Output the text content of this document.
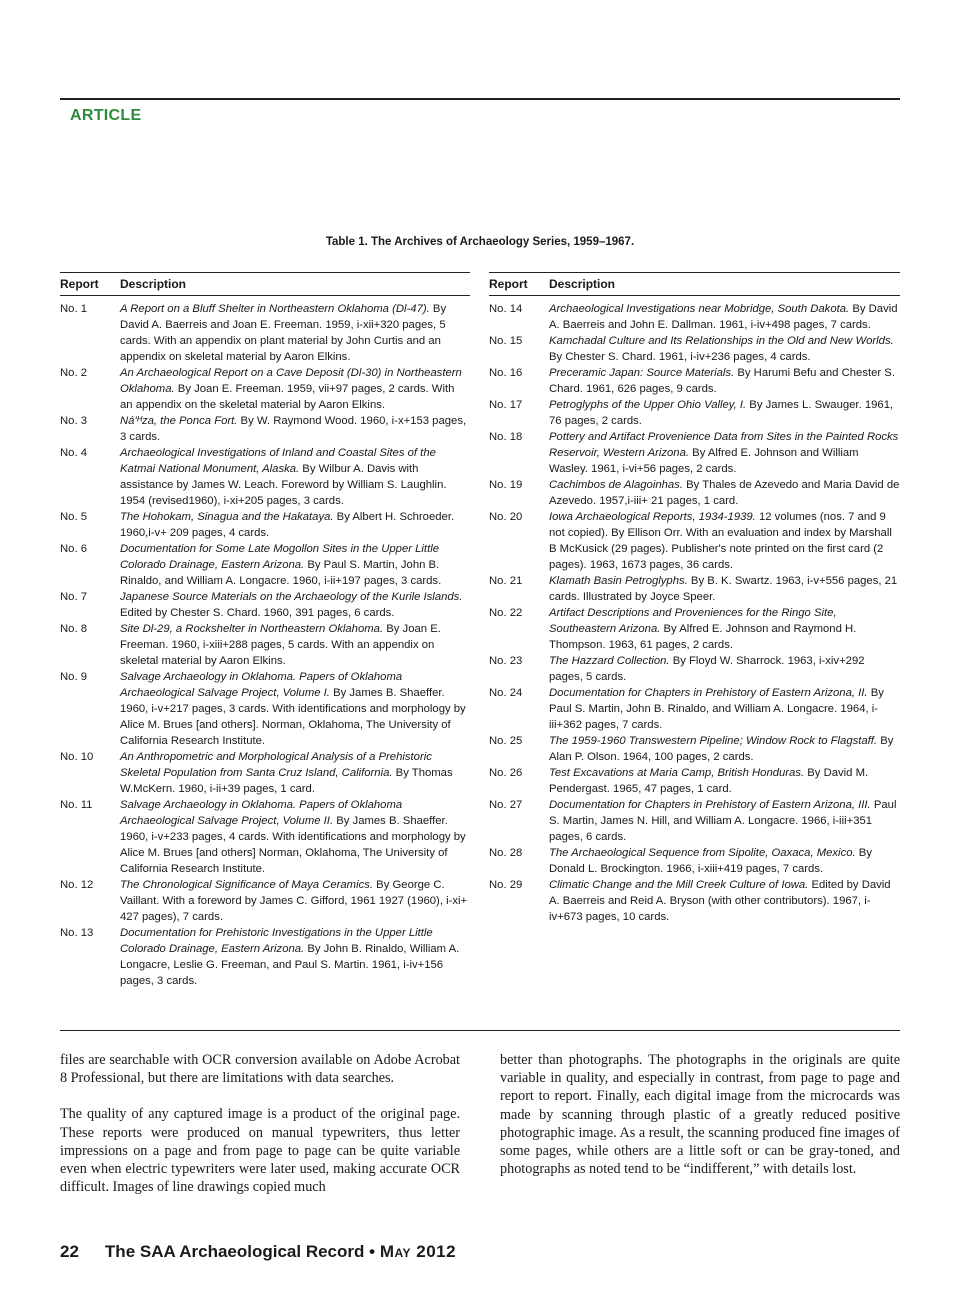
ARTICLE
Table 1. The Archives of Archaeology Series, 1959–1967.
Report	Description
No. 1	A Report on a Bluff Shelter in Northeastern Oklahoma (Dl-47). By David A. Baerreis and Joan E. Freeman. 1959, i-xii+320 pages, 5 cards. With an appendix on plant material by John Curtis and an appendix on skeletal material by Aaron Elkins.
No. 2	An Archaeological Report on a Cave Deposit (Dl-30) in Northeastern Oklahoma. By Joan E. Freeman. 1959, vii+97 pages, 2 cards. With an appendix on the skeletal material by Aaron Elkins.
No. 3	Ná'ᴴza, the Ponca Fort. By W. Raymond Wood. 1960, i-x+153 pages, 3 cards.
No. 4	Archaeological Investigations of Inland and Coastal Sites of the Katmai National Monument, Alaska. By Wilbur A. Davis with assistance by James W. Leach. Foreword by William S. Laughlin. 1954 (revised1960), i-xi+205 pages, 3 cards.
No. 5	The Hohokam, Sinagua and the Hakataya. By Albert H. Schroeder. 1960,i-v+ 209 pages, 4 cards.
No. 6	Documentation for Some Late Mogollon Sites in the Upper Little Colorado Drainage, Eastern Arizona. By Paul S. Martin, John B. Rinaldo, and William A. Longacre. 1960, i-ii+197 pages, 3 cards.
No. 7	Japanese Source Materials on the Archaeology of the Kurile Islands. Edited by Chester S. Chard. 1960, 391 pages, 6 cards.
No. 8	Site Dl-29, a Rockshelter in Northeastern Oklahoma. By Joan E. Freeman. 1960, i-xiii+288 pages, 5 cards. With an appendix on skeletal material by Aaron Elkins.
No. 9	Salvage Archaeology in Oklahoma. Papers of Oklahoma Archaeological Salvage Project, Volume I. By James B. Shaeffer. 1960, i-v+217 pages, 3 cards. With identifications and morphology by Alice M. Brues [and others]. Norman, Oklahoma, The University of California Research Institute.
No. 10	An Anthropometric and Morphological Analysis of a Prehistoric Skeletal Population from Santa Cruz Island, California. By Thomas W.McKern. 1960, i-ii+39 pages, 1 card.
No. 11	Salvage Archaeology in Oklahoma. Papers of Oklahoma Archaeological Salvage Project, Volume II. By James B. Shaeffer. 1960, i-v+233 pages, 4 cards. With identifications and morphology by Alice M. Brues [and others] Norman, Oklahoma, The University of California Research Institute.
No. 12	The Chronological Significance of Maya Ceramics. By George C. Vaillant. With a foreword by James C. Gifford, 1961 1927 (1960), i-xi+ 427 pages), 7 cards.
No. 13	Documentation for Prehistoric Investigations in the Upper Little Colorado Drainage, Eastern Arizona. By John B. Rinaldo, William A. Longacre, Leslie G. Freeman, and Paul S. Martin. 1961, i-iv+156 pages, 3 cards.
Report	Description
No. 14	Archaeological Investigations near Mobridge, South Dakota. By David A. Baerreis and John E. Dallman. 1961, i-iv+498 pages, 7 cards.
No. 15	Kamchadal Culture and Its Relationships in the Old and New Worlds. By Chester S. Chard. 1961, i-iv+236 pages, 4 cards.
No. 16	Preceramic Japan: Source Materials. By Harumi Befu and Chester S. Chard. 1961, 626 pages, 9 cards.
No. 17	Petroglyphs of the Upper Ohio Valley, I. By James L. Swauger. 1961, 76 pages, 2 cards.
No. 18	Pottery and Artifact Provenience Data from Sites in the Painted Rocks Reservoir, Western Arizona. By Alfred E. Johnson and William Wasley. 1961, i-vi+56 pages, 2 cards.
No. 19	Cachimbos de Alagoinhas. By Thales de Azevedo and Maria David de Azevedo. 1957,i-iii+ 21 pages, 1 card.
No. 20	Iowa Archaeological Reports, 1934-1939. 12 volumes (nos. 7 and 9 not copied). By Ellison Orr. With an evaluation and index by Marshall B McKusick (29 pages). Publisher's note printed on the first card (2 pages). 1963, 1673 pages, 36 cards.
No. 21	Klamath Basin Petroglyphs. By B. K. Swartz. 1963, i-v+556 pages, 21 cards. Illustrated by Joyce Speer.
No. 22	Artifact Descriptions and Proveniences for the Ringo Site, Southeastern Arizona. By Alfred E. Johnson and Raymond H. Thompson. 1963, 61 pages, 2 cards.
No. 23	The Hazzard Collection. By Floyd W. Sharrock. 1963, i-xiv+292 pages, 5 cards.
No. 24	Documentation for Chapters in Prehistory of Eastern Arizona, II. By Paul S. Martin, John B. Rinaldo, and William A. Longacre. 1964, i-iii+362 pages, 7 cards.
No. 25	The 1959-1960 Transwestern Pipeline; Window Rock to Flagstaff. By Alan P. Olson. 1964, 100 pages, 2 cards.
No. 26	Test Excavations at Maria Camp, British Honduras. By David M. Pendergast. 1965, 47 pages, 1 card.
No. 27	Documentation for Chapters in Prehistory of Eastern Arizona, III. Paul S. Martin, James N. Hill, and William A. Longacre. 1966, i-iii+351 pages, 6 cards.
No. 28	The Archaeological Sequence from Sipolite, Oaxaca, Mexico. By Donald L. Brockington. 1966, i-xiii+419 pages, 7 cards.
No. 29	Climatic Change and the Mill Creek Culture of Iowa. Edited by David A. Baerreis and Reid A. Bryson (with other contributors). 1967, i-iv+673 pages, 10 cards.

files are searchable with OCR conversion available on Adobe Acrobat 8 Professional, but there are limitations with data searches.

The quality of any captured image is a product of the original page. These reports were produced on manual typewriters, thus letter impressions on a page and from page to page can be quite variable even when electric typewriters were later used, making accurate OCR difficult. Images of line drawings copied much

better than photographs. The photographs in the originals are quite variable in quality, and especially in contrast, from page to page and report to report. Finally, each digital image from the microcards was made by scanning through plastic of a greatly reduced positive photographic image. As a result, the scanning produced fine images of some pages, while others are a little soft or can be gray-toned, and photographs as noted tend to be “indifferent,” with details lost.

22 The SAA Archaeological Record • May 2012
